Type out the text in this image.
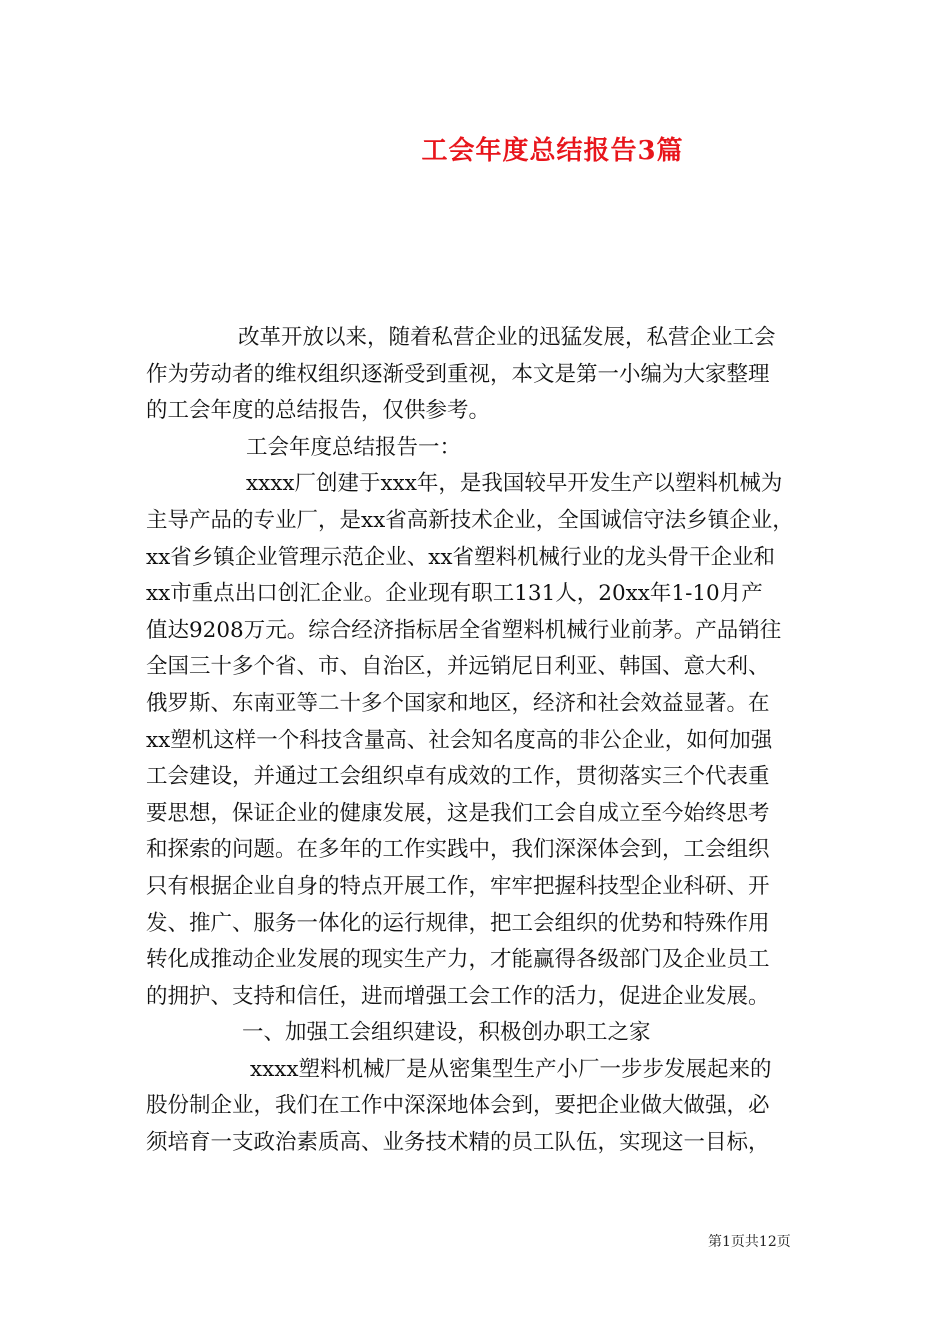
工会年度总结报告3篇
改革开放以来，随着私营企业的迅猛发展，私营企业工会
作为劳动者的维权组织逐渐受到重视，本文是第一小编为大家整理
的工会年度的总结报告，仅供参考。
工会年度总结报告一：
xxxx厂创建于xxx年，是我国较早开发生产以塑料机械为
主导产品的专业厂，是xx省高新技术企业，全国诚信守法乡镇企业，
xx省乡镇企业管理示范企业、xx省塑料机械行业的龙头骨干企业和
xx市重点出口创汇企业。企业现有职工131人，20xx年1-10月产
值达9208万元。综合经济指标居全省塑料机械行业前茅。产品销往
全国三十多个省、市、自治区，并远销尼日利亚、韩国、意大利、
俄罗斯、东南亚等二十多个国家和地区，经济和社会效益显著。在
xx塑机这样一个科技含量高、社会知名度高的非公企业，如何加强
工会建设，并通过工会组织卓有成效的工作，贯彻落实三个代表重
要思想，保证企业的健康发展，这是我们工会自成立至今始终思考
和探索的问题。在多年的工作实践中，我们深深体会到，工会组织
只有根据企业自身的特点开展工作，牢牢把握科技型企业科研、开
发、推广、服务一体化的运行规律，把工会组织的优势和特殊作用
转化成推动企业发展的现实生产力，才能赢得各级部门及企业员工
的拥护、支持和信任，进而增强工会工作的活力，促进企业发展。
一、加强工会组织建设，积极创办职工之家
xxxx塑料机械厂是从密集型生产小厂一步步发展起来的
股份制企业，我们在工作中深深地体会到，要把企业做大做强，必
须培育一支政治素质高、业务技术精的员工队伍，实现这一目标，
第1页共12页
